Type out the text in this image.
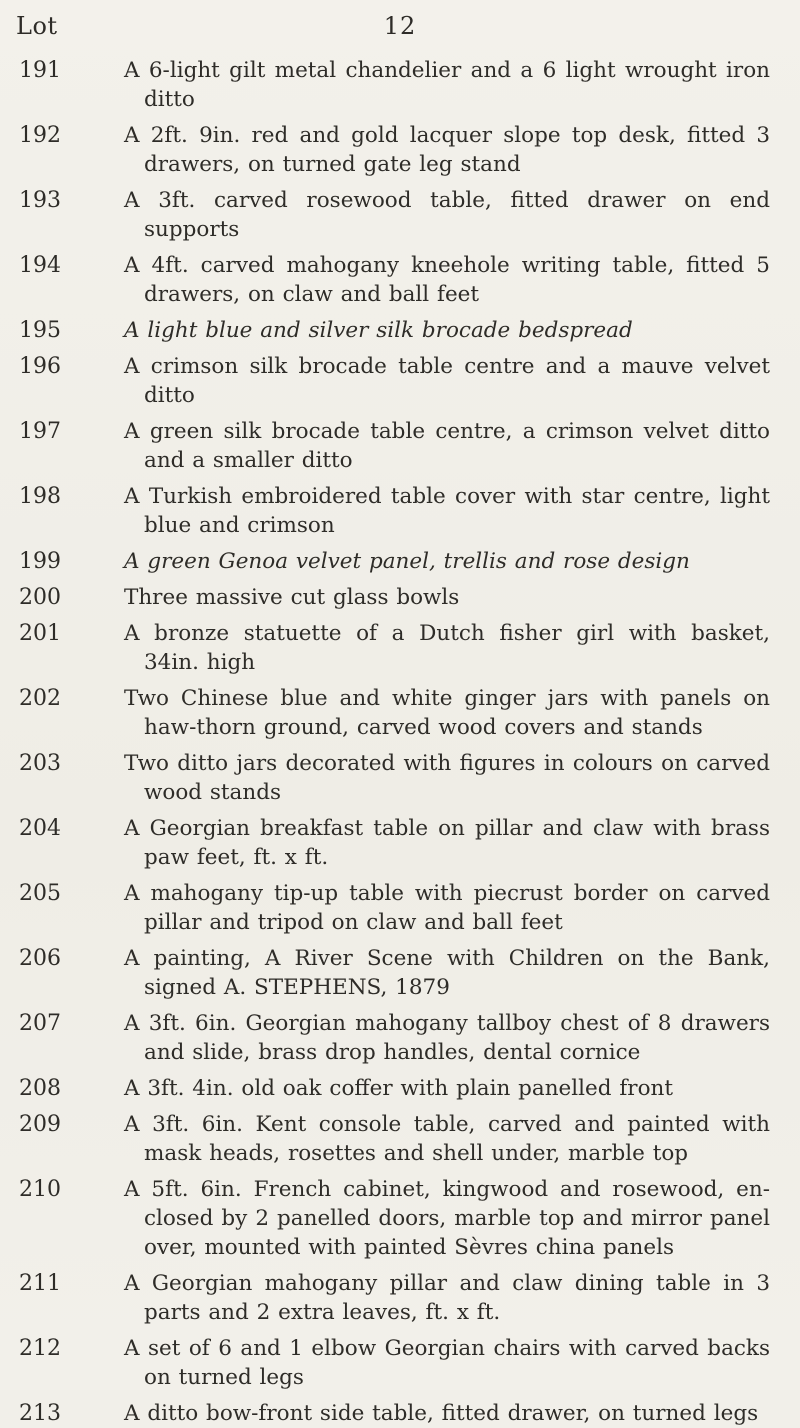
Lot	12
191	A 6-light gilt metal chandelier and a 6 light wrought iron ditto
192	A 2ft. 9in. red and gold lacquer slope top desk, fitted 3 drawers, on turned gate leg stand
193	A 3ft. carved rosewood table, fitted drawer on end supports
194	A 4ft. carved mahogany kneehole writing table, fitted 5 drawers, on claw and ball feet
195	A light blue and silver silk brocade bedspread
196	A crimson silk brocade table centre and a mauve velvet ditto
197	A green silk brocade table centre, a crimson velvet ditto and a smaller ditto
198	A Turkish embroidered table cover with star centre, light blue and crimson
199	A green Genoa velvet panel, trellis and rose design
200	Three massive cut glass bowls
201	A bronze statuette of a Dutch fisher girl with basket, 34in. high
202	Two Chinese blue and white ginger jars with panels on haw-thorn ground, carved wood covers and stands
203	Two ditto jars decorated with figures in colours on carved wood stands
204	A Georgian breakfast table on pillar and claw with brass paw feet, ft. x ft.
205	A mahogany tip-up table with piecrust border on carved pillar and tripod on claw and ball feet
206	A painting, A River Scene with Children on the Bank, signed A. STEPHENS, 1879
207	A 3ft. 6in. Georgian mahogany tallboy chest of 8 drawers and slide, brass drop handles, dental cornice
208	A 3ft. 4in. old oak coffer with plain panelled front
209	A 3ft. 6in. Kent console table, carved and painted with mask heads, rosettes and shell under, marble top
210	A 5ft. 6in. French cabinet, kingwood and rosewood, en-closed by 2 panelled doors, marble top and mirror panel over, mounted with painted Sèvres china panels
211	A Georgian mahogany pillar and claw dining table in 3 parts and 2 extra leaves, ft. x ft.
212	A set of 6 and 1 elbow Georgian chairs with carved backs on turned legs
213	A ditto bow-front side table, fitted drawer, on turned legs
